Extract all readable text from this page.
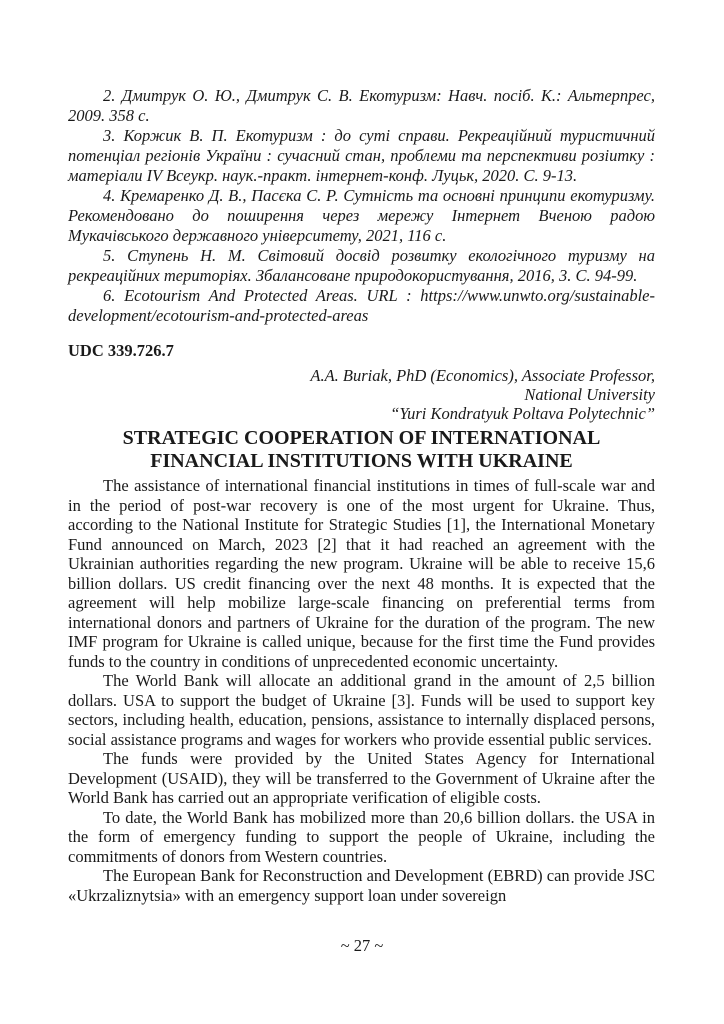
2. Дмитрук О. Ю., Дмитрук С. В. Екотуризм: Навч. посіб. К.: Альтерпрес, 2009. 358 с.

3. Коржик В. П. Екотуризм : до суті справи. Рекреаційний туристичний потенціал регіонів України : сучасний стан, проблеми та перспективи розіитку : матеріали IV Всеукр. наук.-практ. інтернет-конф. Луцьк, 2020. С. 9-13.

4. Кремаренко Д. В., Пасєка С. Р. Сутність та основні принципи екотуризму. Рекомендовано до поширення через мережу Інтернет Вченою радою Мукачівського державного університету, 2021, 116 с.

5. Ступень Н. М. Світовий досвід розвитку екологічного туризму на рекреаційних територіях. Збалансоване природокористування, 2016, 3. С. 94-99.

6. Ecotourism And Protected Areas. URL : https://www.unwto.org/sustainable-development/ecotourism-and-protected-areas

UDC 339.726.7

A.A. Buriak, PhD (Economics), Associate Professor,
National University
“Yuri Kondratyuk Poltava Polytechnic”
STRATEGIC COOPERATION OF INTERNATIONAL
FINANCIAL INSTITUTIONS WITH UKRAINE

The assistance of international financial institutions in times of full-scale war and in the period of post-war recovery is one of the most urgent for Ukraine. Thus, according to the National Institute for Strategic Studies [1], the International Monetary Fund announced on March, 2023 [2] that it had reached an agreement with the Ukrainian authorities regarding the new program. Ukraine will be able to receive 15,6 billion dollars. US credit financing over the next 48 months. It is expected that the agreement will help mobilize large-scale financing on preferential terms from international donors and partners of Ukraine for the duration of the program. The new IMF program for Ukraine is called unique, because for the first time the Fund provides funds to the country in conditions of unprecedented economic uncertainty.

The World Bank will allocate an additional grand in the amount of 2,5 billion dollars. USA to support the budget of Ukraine [3]. Funds will be used to support key sectors, including health, education, pensions, assistance to internally displaced persons, social assistance programs and wages for workers who provide essential public services.

The funds were provided by the United States Agency for International Development (USAID), they will be transferred to the Government of Ukraine after the World Bank has carried out an appropriate verification of eligible costs.

To date, the World Bank has mobilized more than 20,6 billion dollars. the USA in the form of emergency funding to support the people of Ukraine, including the commitments of donors from Western countries.

The European Bank for Reconstruction and Development (EBRD) can provide JSC «Ukrzaliznytsia» with an emergency support loan under sovereign

~ 27 ~
